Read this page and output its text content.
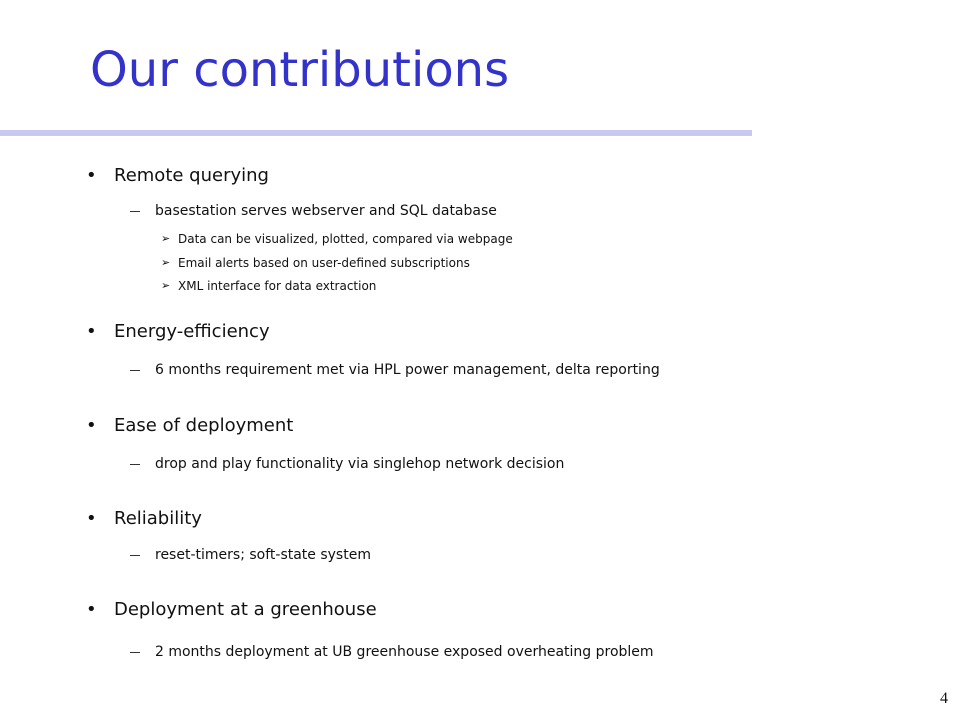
Our contributions
• Remote querying
basestation serves webserver and SQL database
➢ Data can be visualized, plotted, compared via webpage
➢ Email alerts based on user-defined subscriptions
➢ XML interface for data extraction
• Energy-efficiency
6 months requirement met via HPL power management, delta reporting
• Ease of deployment
drop and play functionality via singlehop network decision
• Reliability
reset-timers; soft-state system
• Deployment at a greenhouse
2 months deployment at UB greenhouse exposed overheating problem
4
